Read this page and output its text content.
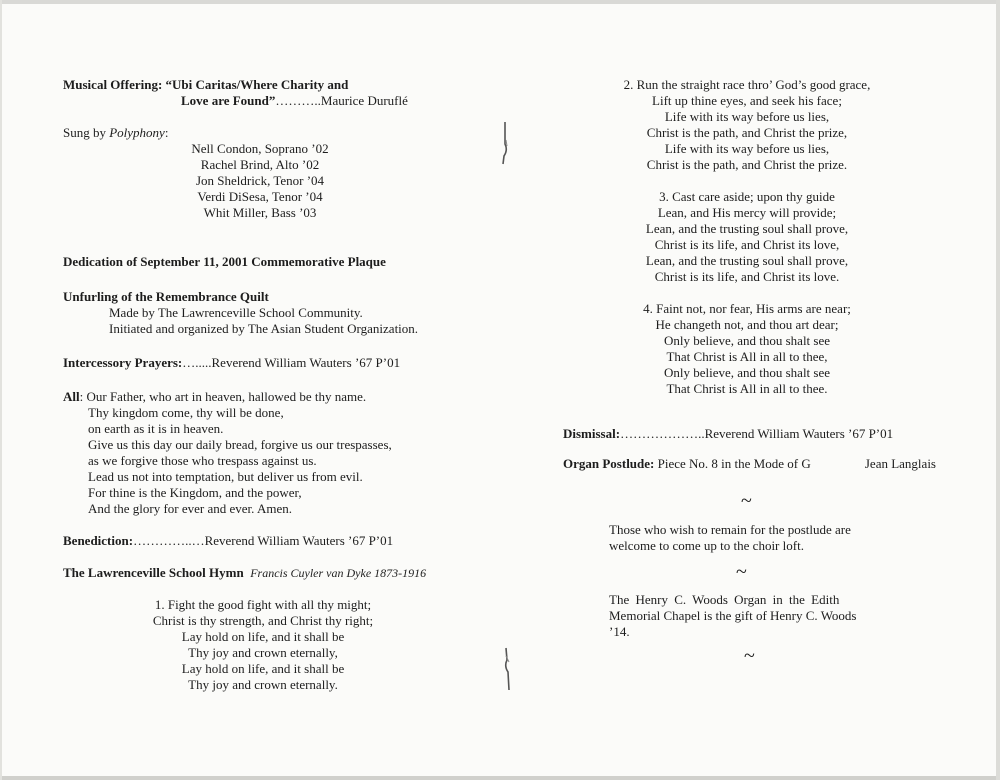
Musical Offering: “Ubi Caritas/Where Charity and
Love are Found”………..Maurice Duruflé
Sung by Polyphony:
Nell Condon, Soprano ’02
Rachel Brind, Alto ’02
Jon Sheldrick, Tenor ’04
Verdi DiSesa, Tenor ’04
Whit Miller, Bass ’03
Dedication of September 11, 2001 Commemorative Plaque
Unfurling of the Remembrance Quilt
Made by The Lawrenceville School Community.
Initiated and organized by The Asian Student Organization.
Intercessory Prayers:….....Reverend William Wauters ’67 P’01
All: Our Father, who art in heaven, hallowed be thy name.
Thy kingdom come, thy will be done,
on earth as it is in heaven.
Give us this day our daily bread, forgive us our trespasses,
as we forgive those who trespass against us.
Lead us not into temptation, but deliver us from evil.
For thine is the Kingdom, and the power,
And the glory for ever and ever. Amen.
Benediction:…………..…Reverend William Wauters ’67 P’01
The Lawrenceville School Hymn Francis Cuyler van Dyke 1873-1916
1. Fight the good fight with all thy might;
Christ is thy strength, and Christ thy right;
Lay hold on life, and it shall be
Thy joy and crown eternally,
Lay hold on life, and it shall be
Thy joy and crown eternally.
2. Run the straight race thro’ God’s good grace,
Lift up thine eyes, and seek his face;
Life with its way before us lies,
Christ is the path, and Christ the prize,
Life with its way before us lies,
Christ is the path, and Christ the prize.
3. Cast care aside; upon thy guide
Lean, and His mercy will provide;
Lean, and the trusting soul shall prove,
Christ is its life, and Christ its love,
Lean, and the trusting soul shall prove,
Christ is its life, and Christ its love.
4. Faint not, nor fear, His arms are near;
He changeth not, and thou art dear;
Only believe, and thou shalt see
That Christ is All in all to thee,
Only believe, and thou shalt see
That Christ is All in all to thee.
Dismissal:………………..Reverend William Wauters ’67 P’01
Organ Postlude: Piece No. 8 in the Mode of G	Jean Langlais
~
Those who wish to remain for the postlude are
welcome to come up to the choir loft.
~
The Henry C. Woods Organ in the Edith
Memorial Chapel is the gift of Henry C. Woods
’14.
~
